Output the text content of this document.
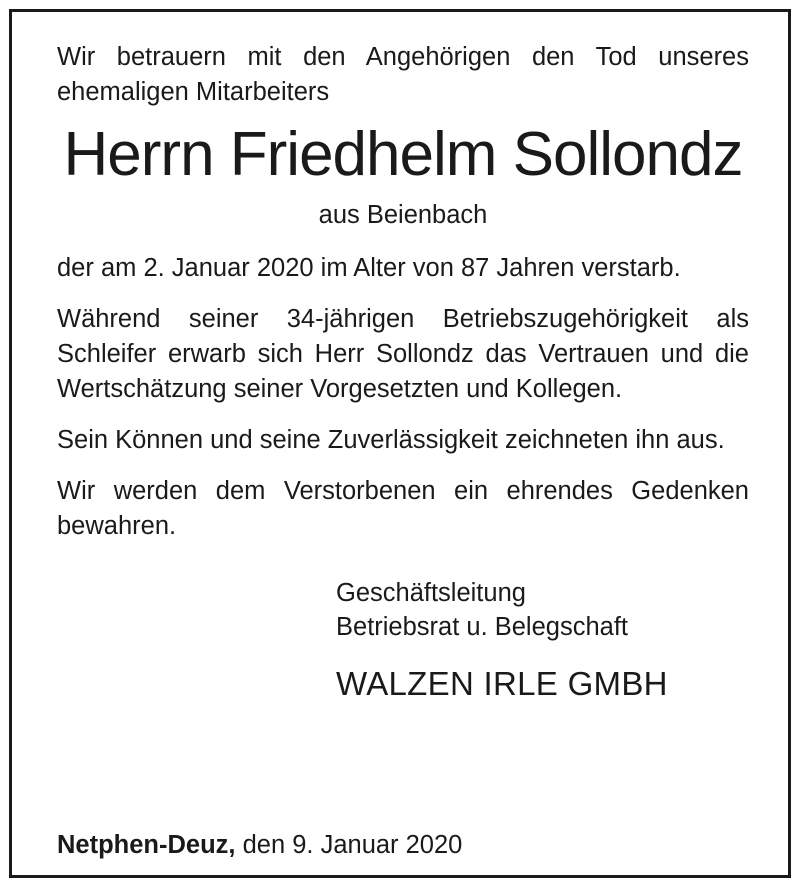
Wir betrauern mit den Angehörigen den Tod unseres ehemaligen Mitarbeiters

Herrn Friedhelm Sollondz

aus Beienbach

der am 2. Januar 2020 im Alter von 87 Jahren verstarb.

Während seiner 34-jährigen Betriebszugehörigkeit als Schleifer erwarb sich Herr Sollondz das Vertrauen und die Wertschätzung seiner Vorgesetzten und Kollegen.

Sein Können und seine Zuverlässigkeit zeichneten ihn aus.

Wir werden dem Verstorbenen ein ehrendes Gedenken bewahren.

Geschäftsleitung

Betriebsrat u. Belegschaft

WALZEN IRLE GMBH

Netphen-Deuz, den 9. Januar 2020
